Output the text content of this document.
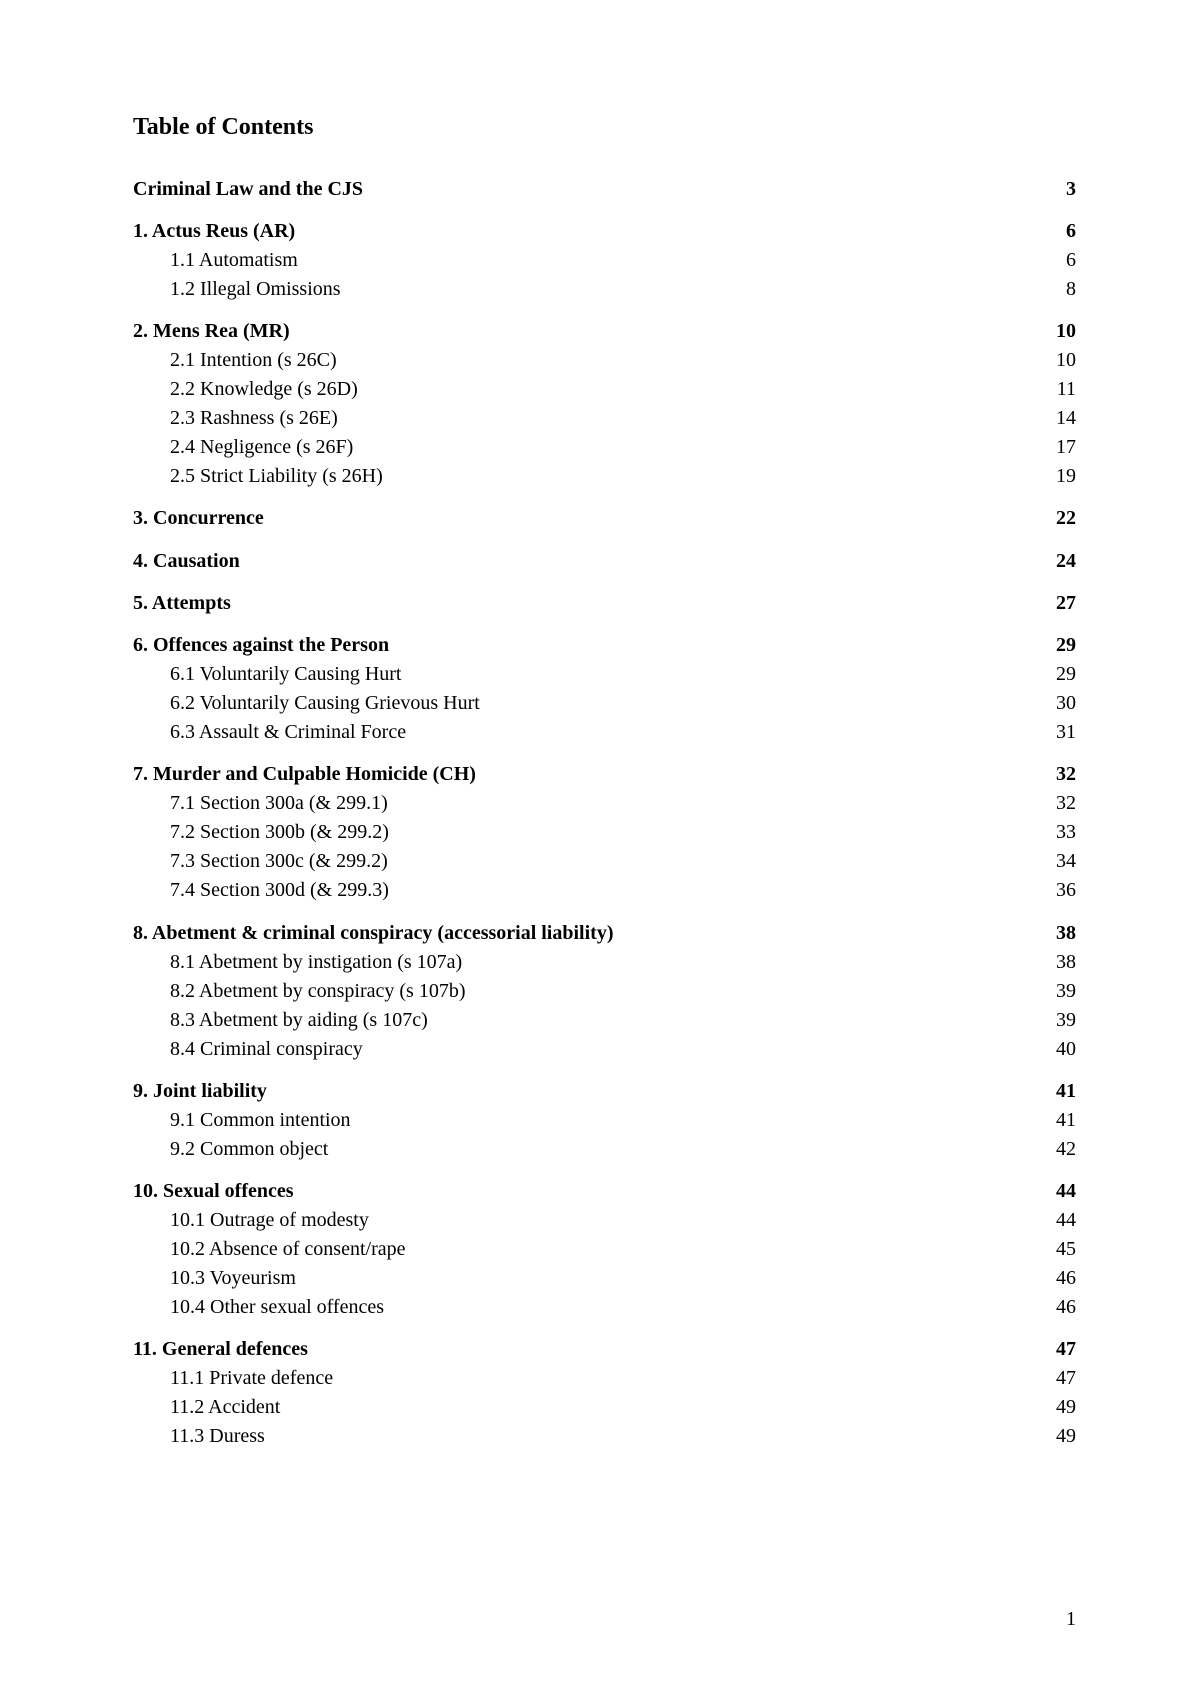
Table of Contents
Criminal Law and the CJS	3
1. Actus Reus (AR)	6
1.1 Automatism	6
1.2 Illegal Omissions	8
2. Mens Rea (MR)	10
2.1 Intention (s 26C)	10
2.2 Knowledge (s 26D)	11
2.3 Rashness (s 26E)	14
2.4 Negligence (s 26F)	17
2.5 Strict Liability (s 26H)	19
3. Concurrence	22
4. Causation	24
5. Attempts	27
6. Offences against the Person	29
6.1 Voluntarily Causing Hurt	29
6.2 Voluntarily Causing Grievous Hurt	30
6.3 Assault & Criminal Force	31
7. Murder and Culpable Homicide (CH)	32
7.1 Section 300a (& 299.1)	32
7.2 Section 300b (& 299.2)	33
7.3 Section 300c (& 299.2)	34
7.4 Section 300d (& 299.3)	36
8. Abetment & criminal conspiracy (accessorial liability)	38
8.1 Abetment by instigation (s 107a)	38
8.2 Abetment by conspiracy (s 107b)	39
8.3 Abetment by aiding (s 107c)	39
8.4 Criminal conspiracy	40
9. Joint liability	41
9.1 Common intention	41
9.2 Common object	42
10. Sexual offences	44
10.1 Outrage of modesty	44
10.2 Absence of consent/rape	45
10.3 Voyeurism	46
10.4 Other sexual offences	46
11. General defences	47
11.1 Private defence	47
11.2 Accident	49
11.3 Duress	49
1
